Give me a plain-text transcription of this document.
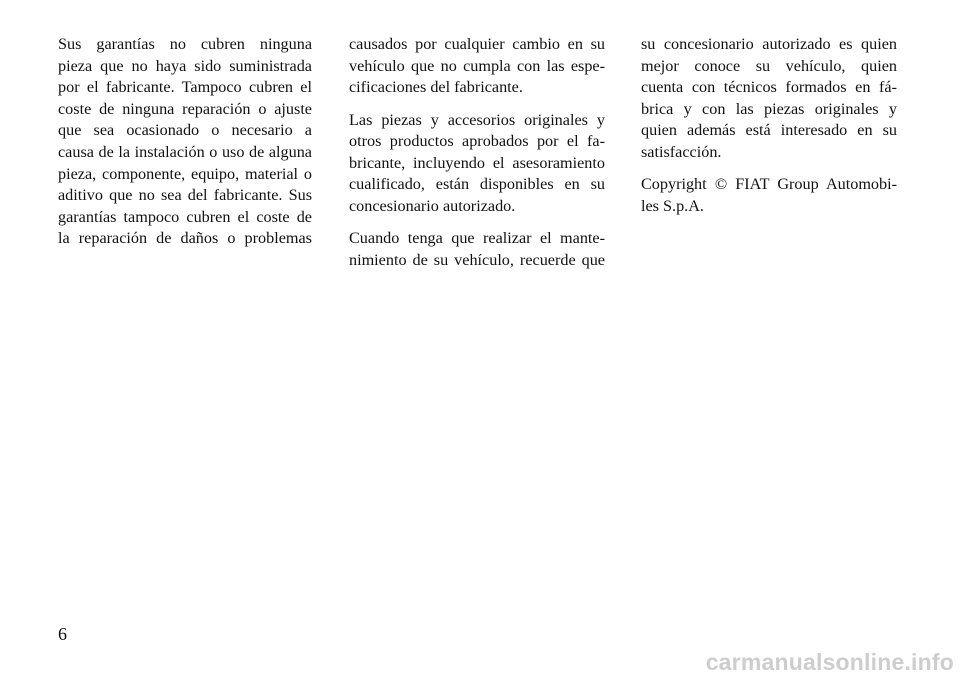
Sus garantías no cubren ninguna
pieza que no haya sido suministrada
por el fabricante. Tampoco cubren el
coste de ninguna reparación o ajuste
que sea ocasionado o necesario a
causa de la instalación o uso de alguna
pieza, componente, equipo, material o
aditivo que no sea del fabricante. Sus
garantías tampoco cubren el coste de
la reparación de daños o problemas
causados por cualquier cambio en su
vehículo que no cumpla con las espe-
cificaciones del fabricante.
Las piezas y accesorios originales y
otros productos aprobados por el fa-
bricante, incluyendo el asesoramiento
cualificado, están disponibles en su
concesionario autorizado.
Cuando tenga que realizar el mante-
nimiento de su vehículo, recuerde que
su concesionario autorizado es quien
mejor conoce su vehículo, quien
cuenta con técnicos formados en fá-
brica y con las piezas originales y
quien además está interesado en su
satisfacción.
Copyright © FIAT Group Automobi-
les S.p.A.
6
carmanualsonline.info
